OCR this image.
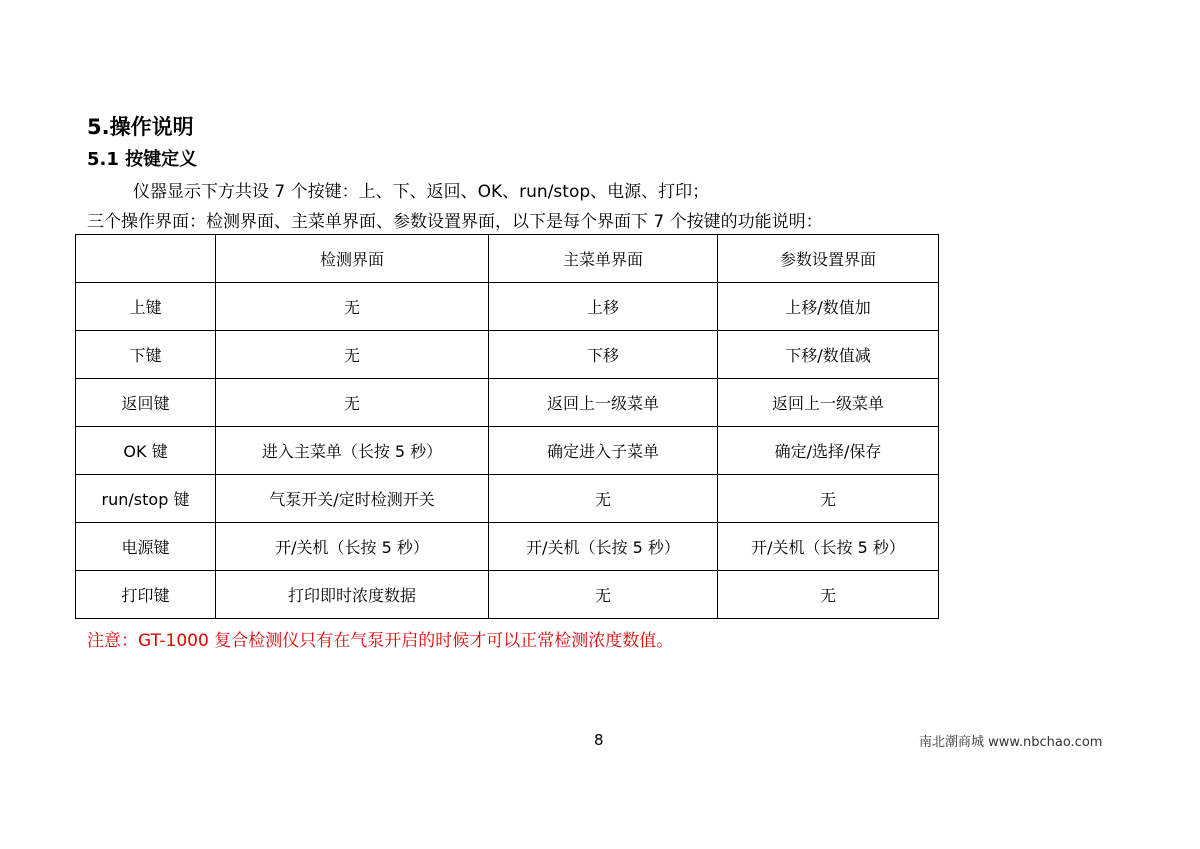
5.操作说明
5.1 按键定义
仪器显示下方共设 7 个按键：上、下、返回、OK、run/stop、电源、打印；
三个操作界面：检测界面、主菜单界面、参数设置界面，以下是每个界面下 7 个按键的功能说明：
	检测界面	主菜单界面	参数设置界面
上键	无	上移	上移/数值加
下键	无	下移	下移/数值减
返回键	无	返回上一级菜单	返回上一级菜单
OK 键	进入主菜单（长按 5 秒）	确定进入子菜单	确定/选择/保存
run/stop 键	气泵开关/定时检测开关	无	无
电源键	开/关机（长按 5 秒）	开/关机（长按 5 秒）	开/关机（长按 5 秒）
打印键	打印即时浓度数据	无	无
注意：GT-1000 复合检测仪只有在气泵开启的时候才可以正常检测浓度数值。
8	南北潮商城 www.nbchao.com
